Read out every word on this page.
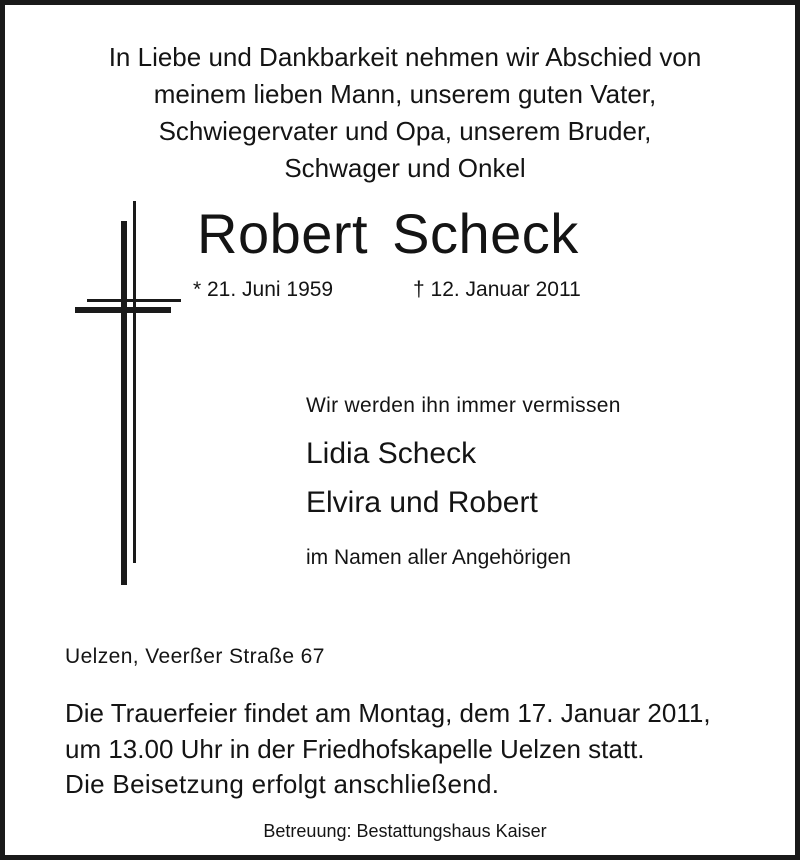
In Liebe und Dankbarkeit nehmen wir Abschied von
meinem lieben Mann, unserem guten Vater,
Schwiegervater und Opa, unserem Bruder,
Schwager und Onkel
Robert Scheck
* 21. Juni 1959	† 12. Januar 2011
Wir werden ihn immer vermissen
Lidia Scheck
Elvira und Robert
im Namen aller Angehörigen
Uelzen, Veerßer Straße 67
Die Trauerfeier findet am Montag, dem 17. Januar 2011,
um 13.00 Uhr in der Friedhofskapelle Uelzen statt.
Die Beisetzung erfolgt anschließend.
Betreuung: Bestattungshaus Kaiser
